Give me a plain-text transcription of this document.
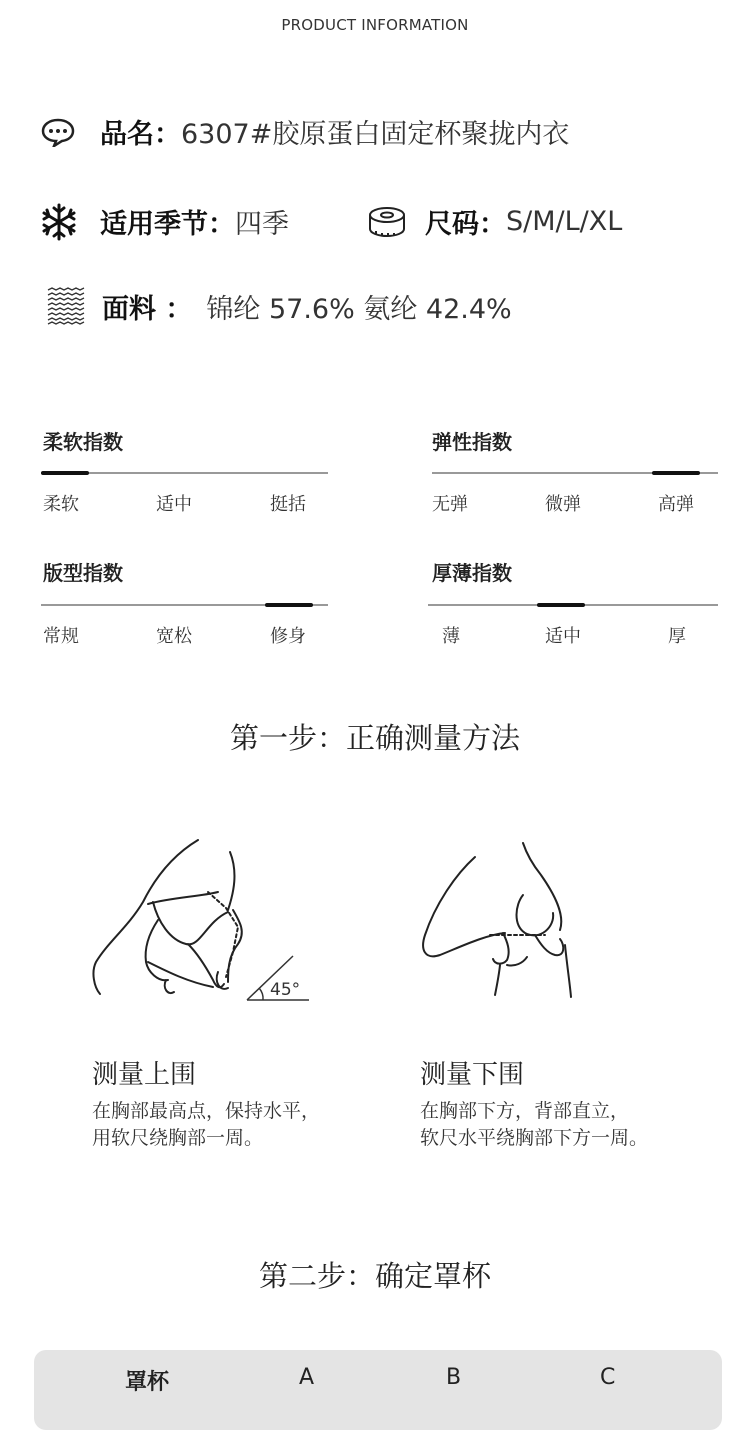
PRODUCT INFORMATION
品名： 6307#胶原蛋白固定杯聚拢内衣
适用季节： 四季	尺码： S/M/L/XL
面料 ： 锦纶 57.6% 氨纶 42.4%
柔软指数
柔软	适中	挺括
弹性指数
无弹	微弹	高弹
版型指数
常规	宽松	修身
厚薄指数
薄	适中	厚
第一步：正确测量方法
45°
测量上围
在胸部最高点，保持水平，
用软尺绕胸部一周。
测量下围
在胸部下方，背部直立，
软尺水平绕胸部下方一周。
第二步：确定罩杯
罩杯	A	B	C
